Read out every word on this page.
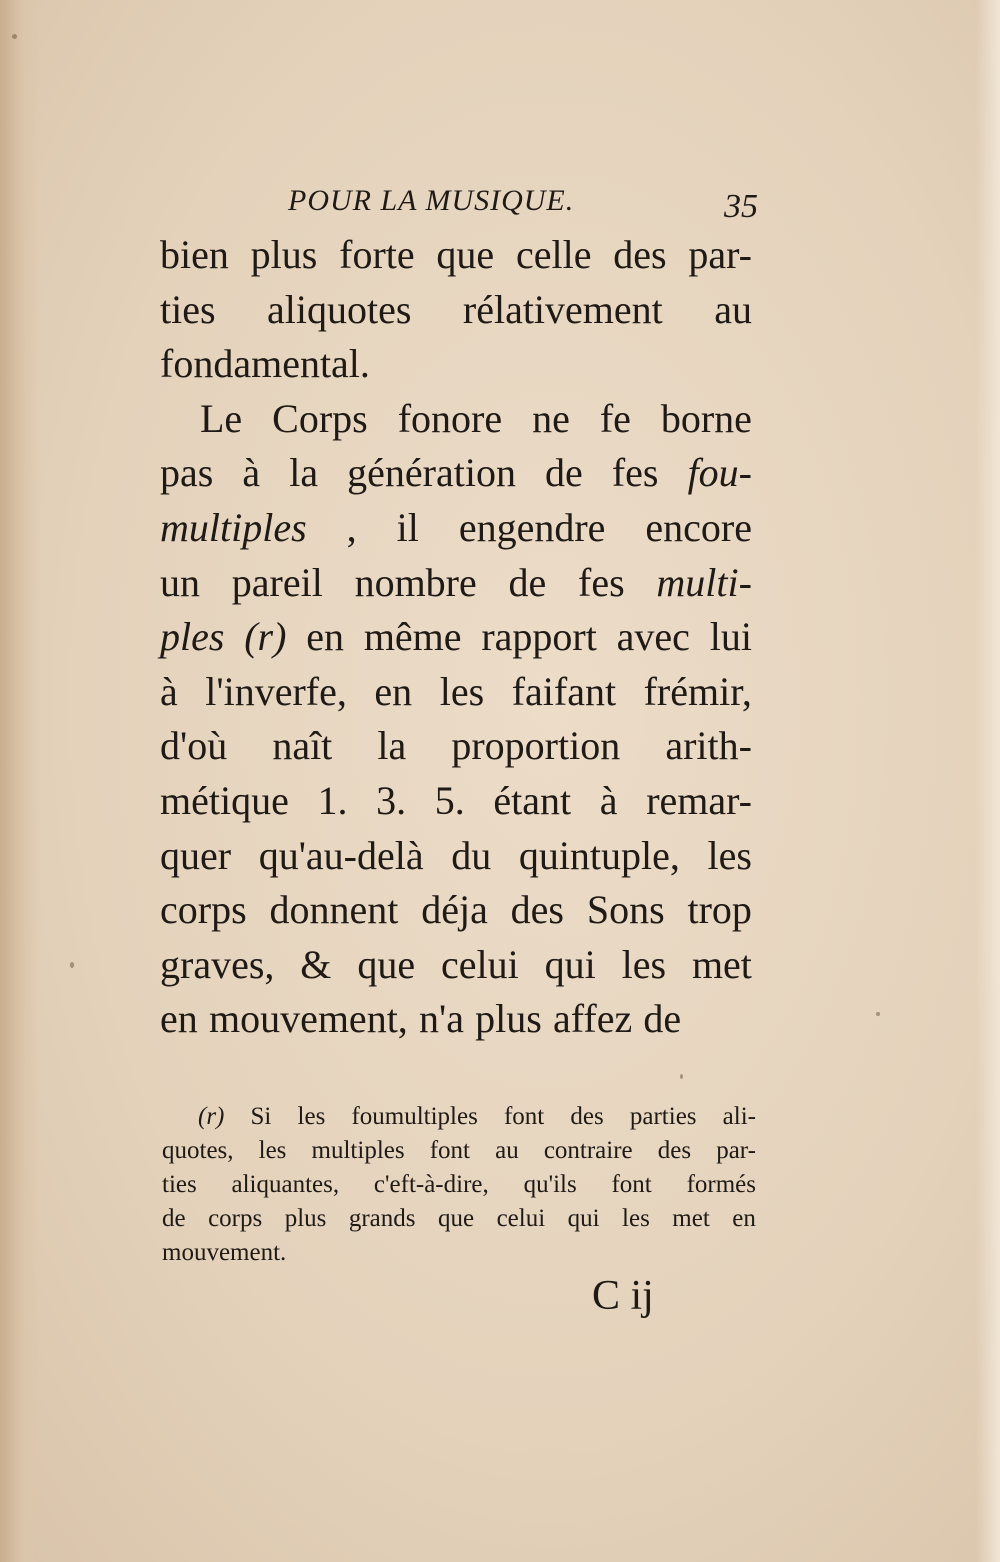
POUR LA MUSIQUE.	35
bien plus forte que celle des par-
ties aliquotes rélativement au
fondamental.
Le Corps fonore ne fe borne
pas à la génération de fes fou-
multiples , il engendre encore
un pareil nombre de fes multi-
ples (r) en même rapport avec lui
à l'inverfe, en les faifant frémir,
d'où naît la proportion arith-
métique 1. 3. 5. étant à remar-
quer qu'au-delà du quintuple, les
corps donnent déja des Sons trop
graves, & que celui qui les met
en mouvement, n'a plus affez de
(r) Si les foumultiples font des parties ali-
quotes, les multiples font au contraire des par-
ties aliquantes, c'eft-à-dire, qu'ils font formés
de corps plus grands que celui qui les met en
mouvement.
C ij
